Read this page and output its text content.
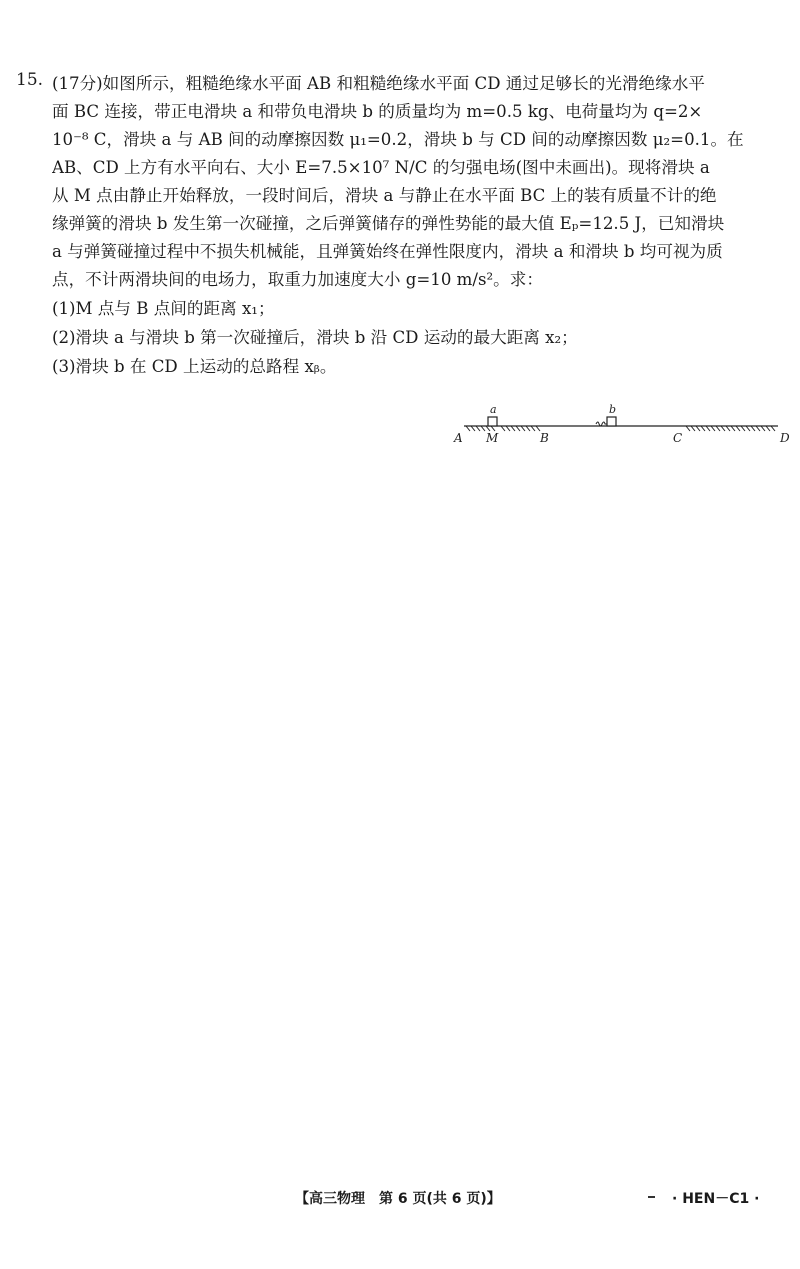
15. (17分)如图所示，粗糙绝缘水平面 AB 和粗糙绝缘水平面 CD 通过足够长的光滑绝缘水平
面 BC 连接，带正电滑块 a 和带负电滑块 b 的质量均为 m=0.5 kg、电荷量均为 q=2×
10⁻⁸ C，滑块 a 与 AB 间的动摩擦因数 μ₁=0.2，滑块 b 与 CD 间的动摩擦因数 μ₂=0.1。在
AB、CD 上方有水平向右、大小 E=7.5×10⁷ N/C 的匀强电场(图中未画出)。现将滑块 a
从 M 点由静止开始释放，一段时间后，滑块 a 与静止在水平面 BC 上的装有质量不计的绝
缘弹簧的滑块 b 发生第一次碰撞，之后弹簧储存的弹性势能的最大值 Eₚ=12.5 J，已知滑块
a 与弹簧碰撞过程中不损失机械能，且弹簧始终在弹性限度内，滑块 a 和滑块 b 均可视为质
点，不计两滑块间的电场力，取重力加速度大小 g=10 m/s²。求：
(1)M 点与 B 点间的距离 x₁；
(2)滑块 a 与滑块 b 第一次碰撞后，滑块 b 沿 CD 运动的最大距离 x₂；
(3)滑块 b 在 CD 上运动的总路程 xᵦ。
a	b
A M	B	C	D
【高三物理　第 6 页(共 6 页)】	· HEN－C1 ·
